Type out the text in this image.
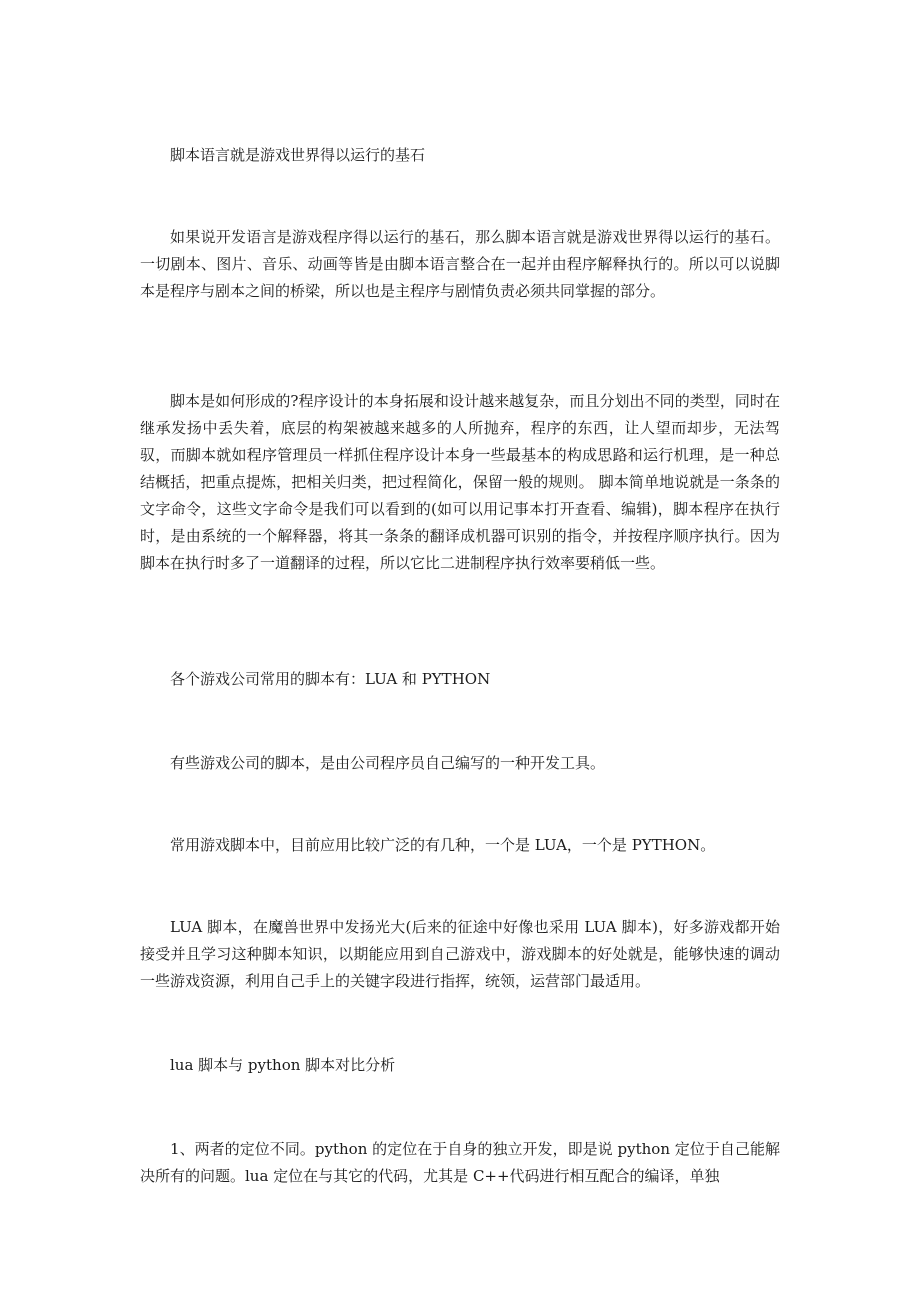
脚本语言就是游戏世界得以运行的基石

如果说开发语言是游戏程序得以运行的基石，那么脚本语言就是游戏世界得以运行的基石。一切剧本、图片、音乐、动画等皆是由脚本语言整合在一起并由程序解释执行的。所以可以说脚本是程序与剧本之间的桥梁，所以也是主程序与剧情负责必须共同掌握的部分。

脚本是如何形成的?程序设计的本身拓展和设计越来越复杂，而且分划出不同的类型，同时在继承发扬中丢失着，底层的构架被越来越多的人所抛弃，程序的东西，让人望而却步，无法驾驭，而脚本就如程序管理员一样抓住程序设计本身一些最基本的构成思路和运行机理，是一种总结概括，把重点提炼，把相关归类，把过程简化，保留一般的规则。 脚本简单地说就是一条条的文字命令，这些文字命令是我们可以看到的(如可以用记事本打开查看、编辑)，脚本程序在执行时，是由系统的一个解释器，将其一条条的翻译成机器可识别的指令，并按程序顺序执行。因为脚本在执行时多了一道翻译的过程，所以它比二进制程序执行效率要稍低一些。

各个游戏公司常用的脚本有：LUA 和 PYTHON

有些游戏公司的脚本，是由公司程序员自己编写的一种开发工具。

常用游戏脚本中，目前应用比较广泛的有几种，一个是 LUA，一个是 PYTHON。

LUA 脚本，在魔兽世界中发扬光大(后来的征途中好像也采用 LUA 脚本)，好多游戏都开始接受并且学习这种脚本知识，以期能应用到自己游戏中，游戏脚本的好处就是，能够快速的调动一些游戏资源，利用自己手上的关键字段进行指挥，统领，运营部门最适用。

lua 脚本与 python 脚本对比分析

1、两者的定位不同。python 的定位在于自身的独立开发，即是说 python 定位于自己能解决所有的问题。lua 定位在与其它的代码，尤其是 C++代码进行相互配合的编译，单独
